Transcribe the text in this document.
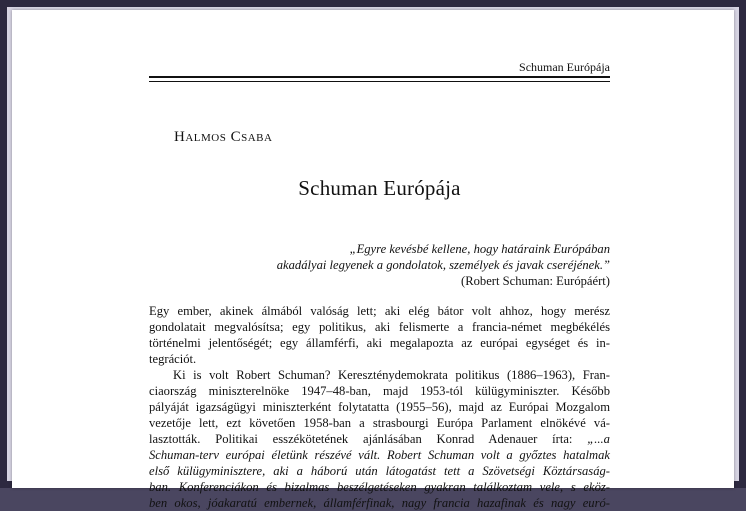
Schuman Európája
Halmos Csaba
Schuman Európája
„Egyre kevésbé kellene, hogy határaink Európában
akadályai legyenek a gondolatok, személyek és javak cseréjének.”
(Robert Schuman: Európáért)
Egy ember, akinek álmából valóság lett; aki elég bátor volt ahhoz, hogy merész
gondolatait megvalósítsa; egy politikus, aki felismerte a francia-német megbékélés
történelmi jelentőségét; egy államférfi, aki megalapozta az európai egységet és in-
tegrációt.
Ki is volt Robert Schuman? Kereszténydemokrata politikus (1886–1963), Fran-
ciaország miniszterelnöke 1947–48-ban, majd 1953-tól külügyminiszter. Később
pályáját igazságügyi miniszterként folytatatta (1955–56), majd az Európai Mozgalom
vezetője lett, ezt követően 1958-ban a strasbourgi Európa Parlament elnökévé vá-
lasztották. Politikai esszékötetének ajánlásában Konrad Adenauer írta: „...a
Schuman-terv európai életünk részévé vált. Robert Schuman volt a győztes hatalmak
első külügyminisztere, aki a háború után látogatást tett a Szövetségi Köztársaság-
ban. Konferenciákon és bizalmas beszélgetéseken gyakran találkoztam vele, s eköz-
ben okos, jóakaratú embernek, államférfinak, nagy francia hazafinak és nagy euró-
